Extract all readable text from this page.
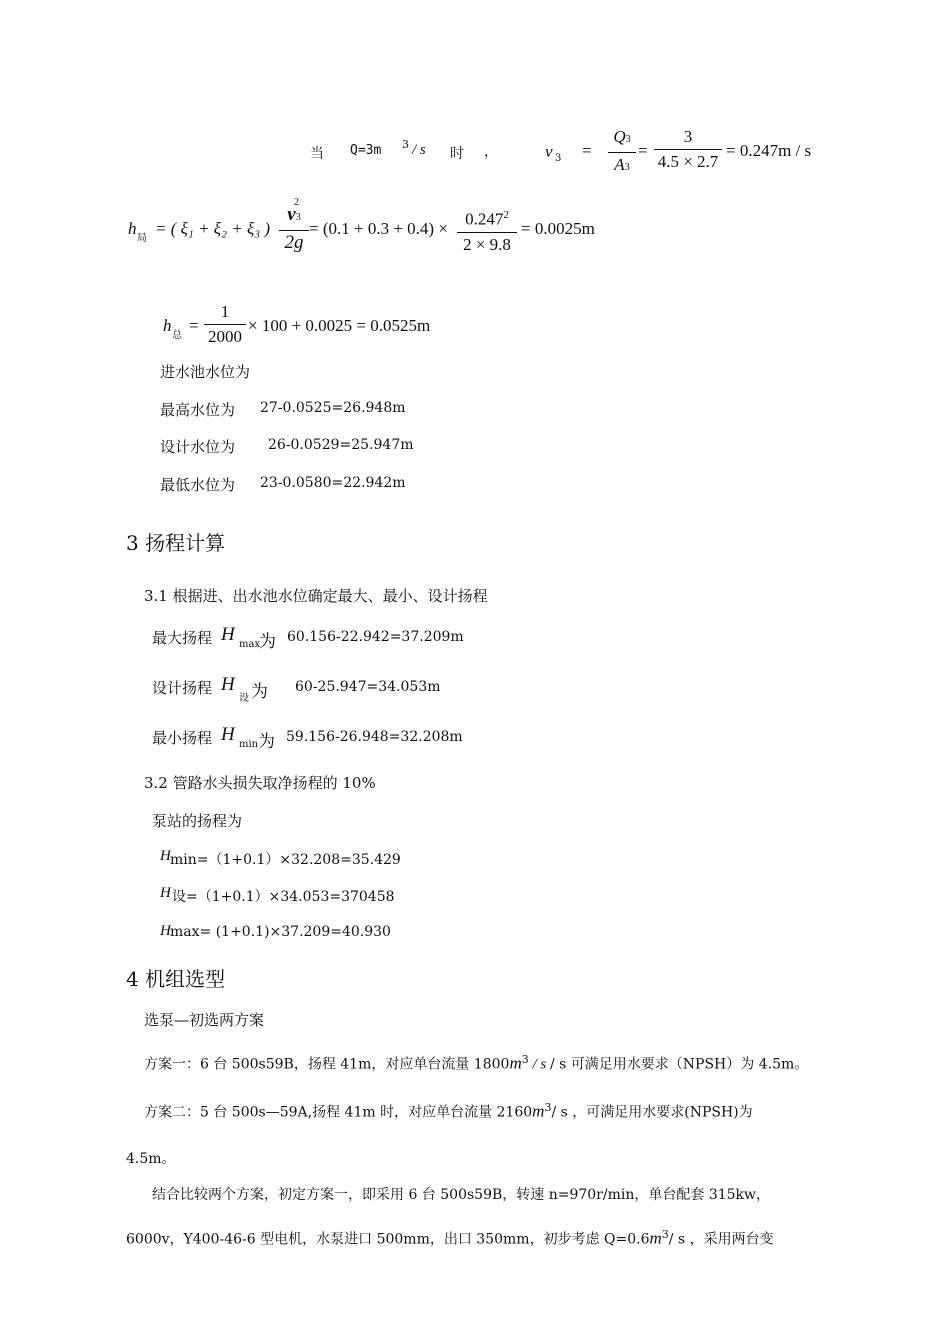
当 Q=3m 3 / s 时 ，	v 3 =
Q3
A3
=
3
4.5 × 2.7
= 0.247m / s
h
局
= ( ξ₁ + ξ₂ + ξ₃ )
v3
2
2g
= (0.1 + 0.3 + 0.4) ×	$0.247^2$
2 × 9.8
= 0.0025m
h
总
=
1
2000
× 100 + 0.0025 = 0.0525m
进水池水位为
最高水位为 27-0.0525=26.948m
设计水位为 26-0.0529=25.947m
最低水位为 23-0.0580=22.942m
3 扬程计算
3.1 根据进、出水池水位确定最大、最小、设计扬程
最大扬程 H max
为 60.156-22.942=37.209m
设计扬程 H
设 为 60-25.947=34.053m
最小扬程 H min 为 59.156-26.948=32.208m
3.2 管路水头损失取净扬程的 10%
泵站的扬程为
H min=（1+0.1）×32.208=35.429
H 设=（1+0.1）×34.053=370458
H max= (1+0.1)×37.209=40.930
4 机组选型
选泵—初选两方案
方案一：6 台 500s59B，扬程 41m，对应单台流量 $1800m^3$ / s / s 可满足用水要求（NPSH）为 4.5m。
方案二：5 台 500s—59A,扬程 41m 时，对应单台流量 $2160m^3/$ s ，可满足用水要求(NPSH)为
4.5m。
结合比较两个方案，初定方案一，即采用 6 台 500s59B，转速 n=970r/min，单台配套 315kw，
6000v，Y400-46-6 型电机，水泵进口 500mm，出口 350mm，初步考虑 $Q=0.6m^3/$ s ，采用两台变
